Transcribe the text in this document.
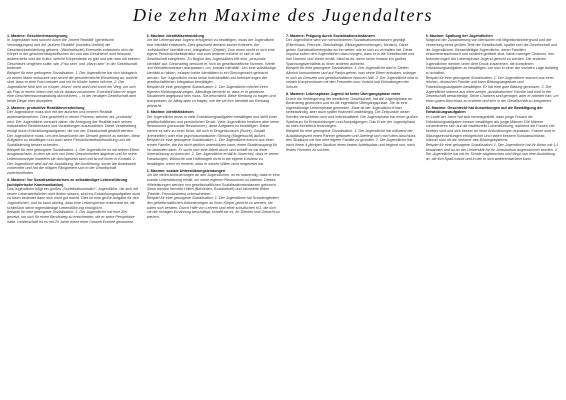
Die zehn Maxime des Jugendalters

1. Maxime: Geschlechtsaneignung
In Jugendalter wird sowohl durch die „innere Realität“ (genetische Veranlagungen) und die „äußere Realität“ (soziales Umfeld) die Geschlechtseinstellung geformt. (Wechselspiel) Einerseits entwickeln sich die Körper in der geschlechtsspezifischen Art und das Geschlecht wird bewusst, andererseits wird die Kultur, welche Körperideale es gibt und wie man mit seinem Geschlecht umgehen sollte, wie „Frau sein“ und „Mann sein“ in der Gesellschaft bedeutet.
Beispiel für eine gelungene Sozialisation: 1. Der Jugendliche hat sich biologisch zu einem Mann entwickelt und nimmt die geschlechtliche Einstellung an, welche sind, dass er eine Frau heiratet und mit ihr Kinder haben möchte. 2. Der Jugendliche fühlt sich im Körper „Mann“ nicht wohl und sucht ein Weg, um sich als Frau in einem Mann und mit ihr daraus zusammen. Eventuell kann er sogar eine Geschlechtsumwandlung durchführen. – In der heutigen Gesellschaft wird beide Dinge eher akzeptiert.

2. Maxime: produktive Realitätsverarbeitung
Der Jugendliche muss sich mit der äußeren und inneren Realität auseinandersetzen. Dies geschieht in einem Prozess, welcher als „produktiv“ wird. Der Jugendliche versucht dabei, die Anregung der Realität nach seinen individuellen Bedürfnissen und Vorstellungen auszuwählen. Diese Verarbeitung erfolgt durch Entwicklungsaufgaben, die von der Gesellschaft gestellt werden. Der Jugendliche muss, um den Ansprüchen der Umwelt gerecht zu werden, diese Aufgaben zu bewältigen und auch seine Persönlichkeitsentwicklung und die Sozialisierung besser schreiten.
Beispiel für eine gelungene Sozialisation: 1. Der Jugendliche ist mit seinen Eltern ausgewachsen, in dem sie sich von ihren Gewohnheiten abgrenzt und für seine Lebenskonzepte inwiefern sie durchgesetzt sind und ist mit ihnen in Kontakt. 2. Der Jugendliche wird auf die Ausbildung, die Ausführung, sowie die Arbeitswelt vorbereitet und hat die nötigen Fähigkeiten sich in der Gesellschaft zurechtzufinden.

3. Maxime: Vor Sozialisationskrisen zu selbständiger Lebensführung (schöpferische Kommunikation)
Das Jugendliche trägt ein großes „Sozialisationsrisiko“. Jugendliche, die sich mit neuen Lebensentwürfen nicht finden wissen, sind ins Entwicklungsaufgaben nicht zu lösen bedeutet dann sich nicht gut macht. Dies ist eine große Aufgabe für den Jugendlichen, und es kann wichtig, dass eine Lebensperson erkennbar ist, die schließlich seine eigenständige Lebensführung ermöglicht.
Beispiel für eine gelungene Sozialisation: 1. Der Jugendliche hat eine Ziel gesetzt, um sich für einen Berufsweg zu entscheiden, die er seine Perspektive hatte. Leidenschaft ist es mit 20 Jahre einen einer Umwelt Erziehe gewonnen.

4. Maxime: Identitätsentwicklung
Um die Lebensphase Jugend erfolgreich zu bewältigen, muss der Jugendliche eine Identität entwickeln. Dies geschieht anhand zweier Kriterien: der „individuellen“ Identität und „Integration“ (Objekt). Zum einen sucht er sich eine eigene Persönlichkeitsstruktur und zum anderen möchte er sich in die Gesellschaft integrieren. Zu Beginn des Jugendalters tritt eine „personale Identität“ auf. Gleichzeitig versucht er, sich an gesellschaftliche Normen, Werte und Verhaltensweisen anzupassen, um „soziale Identität“. Um eine vollständige Identität zu bilden, müssen beide Identitäten in ein Gleichgewicht gebracht werden. Der Jugendliche muss seine Individualität und Anforderungen der gesellschaftlichen Integration bewältigen.
Beispiel für eine gelungene Sozialisation: 1. Der Jugendliche möchte ihren eigenen Kleidungsstil zeigen. Allerdings bemerkt er, dass er in gewissen Situationen angepasst sein muss. Sie beschließt, diese Kleidung zu tragen und anzupassen, im Alltag aber zu tragen, wie die sie ihre Identität am Einklang gebracht.

5. Maxime: Identitätskrisen
Der Jugendliche muss in viele Entwicklungsaufgaben bewältigen und stellt einer gesellschaftlichen und persönlichen Druck. Viele Jugendliche besitzen aber keine Ressourcen (personale Ressourcen), diese Aufgaben zu bewältigen. Daher kommt es sehr zu einer Krise, die sich in Drogenkonsum (Sucht), Gewalt (kriminellen) oder eine psychosomatischen Störung (Magersucht) äußert.
Beispiel für eine gelungene Sozialisation: 1. Der Jugendliche kommt aus einer armen Familie, die ihn nicht wirklich unterstützen kann, einen Studienzugang für ihn bezahlen kann. Er sucht sich eine Arbeit durch und schafft es mit einer Unterstützung zu kommen. 2. Der Jugendliche erhält in Unterricht, dass er seiner Erwartungen, Wünsche und Hoffnungen nicht in die eigene Existenz zu bewältigen, wenn es erreicht, dass er seinen Willen nicht eingesetzt hat.

6. Maxime: soziale Unterstützungsleistungen
Um die vielen Anforderungen an den Jugendlichen, ist es notwendig, dass er eine soziale Unterstützung erhält, um seine eigenen Ressourcen zu stärken. Dieses Hilfeleistungen werden von gesellschaftlichen Sozialisationsinstanzen gebracht. Diese werden formelle Hilfen (Behörden, Sozialarbeit) und informelle Hilfen (Familie, Freundeskreis) unterscheiden.
Beispiel für eine gelungene Sozialisation: 1. Der Jugendliche hat Schwierigkeiten, den gesellschaftlichen Anforderungen an ihren Körper gerecht zu werden, sie sollen sich beraten. Durch Hilfe von Lehrern und einer schulischen KG, die sich mit der richtigen Ernährung beschäftigt, schafft sie es, ihr Denken und Gewicht zu steuern.

7. Maxime: Prägung durch Sozialisationsinstanzen
Der Jugendliche wird von verschiedenen Sozialisationsinstanzen geprägt (Elternhaus, Freunde, Gleichaltrige, Bildungseinrichtungen, Medien). Diese geben Sozialisationsimpulse an ihn weiter, wie er sich zu verhalten hat. Diese Impulse sollen den Jugendlichen dazu bringen, dass er in die Gesellschaft und ihre Normen und Werte erhält. Ideal ist es, wenn keine Instanz ein großes Spannungsverhältnis zu einer anderen aufweist.
Beispiel für eine gelungene Sozialisation: 1. Der Jugendliche darf in Stellen Alkohol konsumieren und auf Partys gehen, was seine Eltern erlauben, solange er sich an Grenzen und gesellschaftliche Normen hält. 2. Der Jugendliche wird in seinen Kompromissen mit den Freunden zum Vorbild und Einhaltungen der Schule.

8. Maxime: Lebensphase Jugend ist keine Übergangsphase mehr
Durch die Verlängerung der westlichen Gesellschaft, hat die Jugendphase an Bedeutung gewonnen und ist die eigentliche Übergangsphase. Sie ist eine eigenständige Lebensphase geworden. Zwar ist der Jugendliche früher selbstständig, aber auch später finanziell unabhängig. Die Zeitpunkte dieser Schritte verschieben sich und individualisiert. Die Jugendphase hat einen großen Spielraum für Entscheidungen und Ausprägungen. Das Ende der Jugendphase ist nicht einheitlich festzulegen.
Beispiel für eine gelungene Sozialisation: 1. Der Jugendliche hat während der Ausbildungszeit einen Partner gefunden und überlegt sich nach dem Abschluss des Studiums mit ihm eine eigene Familie zu gründen. 2. Die Jugendliche hat nach ihrem 4-jährigen Studium einen festen Arbeitsplatz und beginnt nun, nach festen Partnern zu suchen.

9. Maxime: Spaltung der Jugendlichen
Aufgrund der Zuwanderung von Menschen mit Migrationshintergrund und der Verarmung eines großen Teils der Gesellschaft, spaltet sich die Gesellschaft und die Jugendlichen. Benachteiligte Jugendliche, deren Familien einkommensschwach und schlecht gebildet sind, haben weniger Chancen, den Anforderungen der Lebensphase Jugend gerecht zu werden. Die anderen Jugendlichen werden unter dem Druck zusammen, die komplexen Entwicklungsaufgaben zu bewältigen, um sich in einer der sozialen Lage Aufstieg zu schaffen.
Beispiel für eine gelungene Sozialisation: 1. Der Jugendliche stammt aus einer reichen, deutschen Familie und kann Bildungsangebote und Entwicklungsaufgaben bewältigen. Er hat eine gute Bildung genossen. 2. Der Jugendliche stammt aus einer armen „ausländischen“ Familie und wird in der Gesellschaft benachteiligt. Seine Chancen sind geringer, aber er arbeitet hart, um einen guten Abschluss zu erzielen und sich in der Gesellschaft zu integrieren.

10. Maxime: Geschlecht hat Auswirkungen auf die Bewältigung der Entwicklungsaufgaben
Im Laufe der Jahre hat sich herausgestellt, dass junge Frauen die Entwicklungsaufgaben besser bewältigen als junge Männer. Die Männer konzentrieren sich auf die traditionelle Lebensführung, während die Frauen viel flexibler sind und sich besser an neue Anforderungen anpassen. Frauen sind in Bildungseinrichtungen erfolgreicher und haben bessere Schulabschlüsse, Männer sind oft die Verlierer des Bildungssystems.
Beispiel für eine gelungene Sozialisation: 1. Der Jugendliche hat ihr Abitur mit 1,1 bestanden und ist an der Universität für ihr Jurastudium angenommen worden. 2. Der Jugendliche hat mit ihr Schule abgebrochen und fängt nun eine Ausbildung an, die ihm Spaß macht und in der er sich weiterentwickeln kann.
